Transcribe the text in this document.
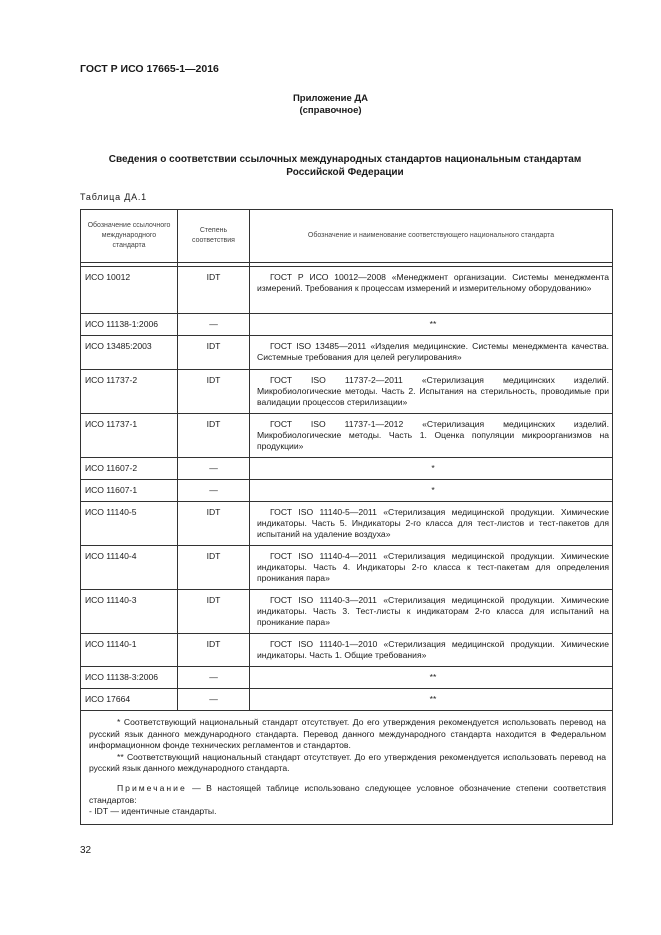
ГОСТ Р ИСО 17665-1—2016
Приложение ДА
(справочное)
Сведения о соответствии ссылочных международных стандартов национальным стандартам Российской Федерации
Таблица ДА.1
Обозначение ссылочного международного стандарта	Степень соответствия	Обозначение и наименование соответствующего национального стандарта

ИСО 10012	IDT	ГОСТ Р ИСО 10012—2008 «Менеджмент организации. Системы менеджмента измерений. Требования к процессам измерений и измерительному оборудованию»

ИСО 11138-1:2006	—	**
ИСО 13485:2003	IDT	ГОСТ ISO 13485—2011 «Изделия медицинские. Системы менеджмента качества. Системные требования для целей регулирования»

ИСО 11737-2	IDT	ГОСТ ISO 11737-2—2011 «Стерилизация медицинских изделий. Микробиологические методы. Часть 2. Испытания на стерильность, проводимые при валидации процессов стерилизации»

ИСО 11737-1	IDT	ГОСТ ISO 11737-1—2012 «Стерилизация медицинских изделий. Микробиологические методы. Часть 1. Оценка популяции микроорганизмов на продукции»

ИСО 11607-2	—	*
ИСО 11607-1	—	*
ИСО 11140-5	IDT	ГОСТ ISO 11140-5—2011 «Стерилизация медицинской продукции. Химические индикаторы. Часть 5. Индикаторы 2-го класса для тест-листов и тест-пакетов для испытаний на удаление воздуха»

ИСО 11140-4	IDT	ГОСТ ISO 11140-4—2011 «Стерилизация медицинской продукции. Химические индикаторы. Часть 4. Индикаторы 2-го класса к тест-пакетам для определения проникания пара»

ИСО 11140-3	IDT	ГОСТ ISO 11140-3—2011 «Стерилизация медицинской продукции. Химические индикаторы. Часть 3. Тест-листы к индикаторам 2-го класса для испытаний на проникание пара»

ИСО 11140-1	IDT	ГОСТ ISO 11140-1—2010 «Стерилизация медицинской продукции. Химические индикаторы. Часть 1. Общие требования»

ИСО 11138-3:2006	—	**
ИСО 17664	—	**

* Соответствующий национальный стандарт отсутствует. До его утверждения рекомендуется использовать перевод на русский язык данного международного стандарта. Перевод данного международного стандарта находится в Федеральном информационном фонде технических регламентов и стандартов.

** Соответствующий национальный стандарт отсутствует. До его утверждения рекомендуется использовать перевод на русский язык данного международного стандарта.

Примечание — В настоящей таблице использовано следующее условное обозначение степени соответствия стандартов:

- IDT — идентичные стандарты.		

32
